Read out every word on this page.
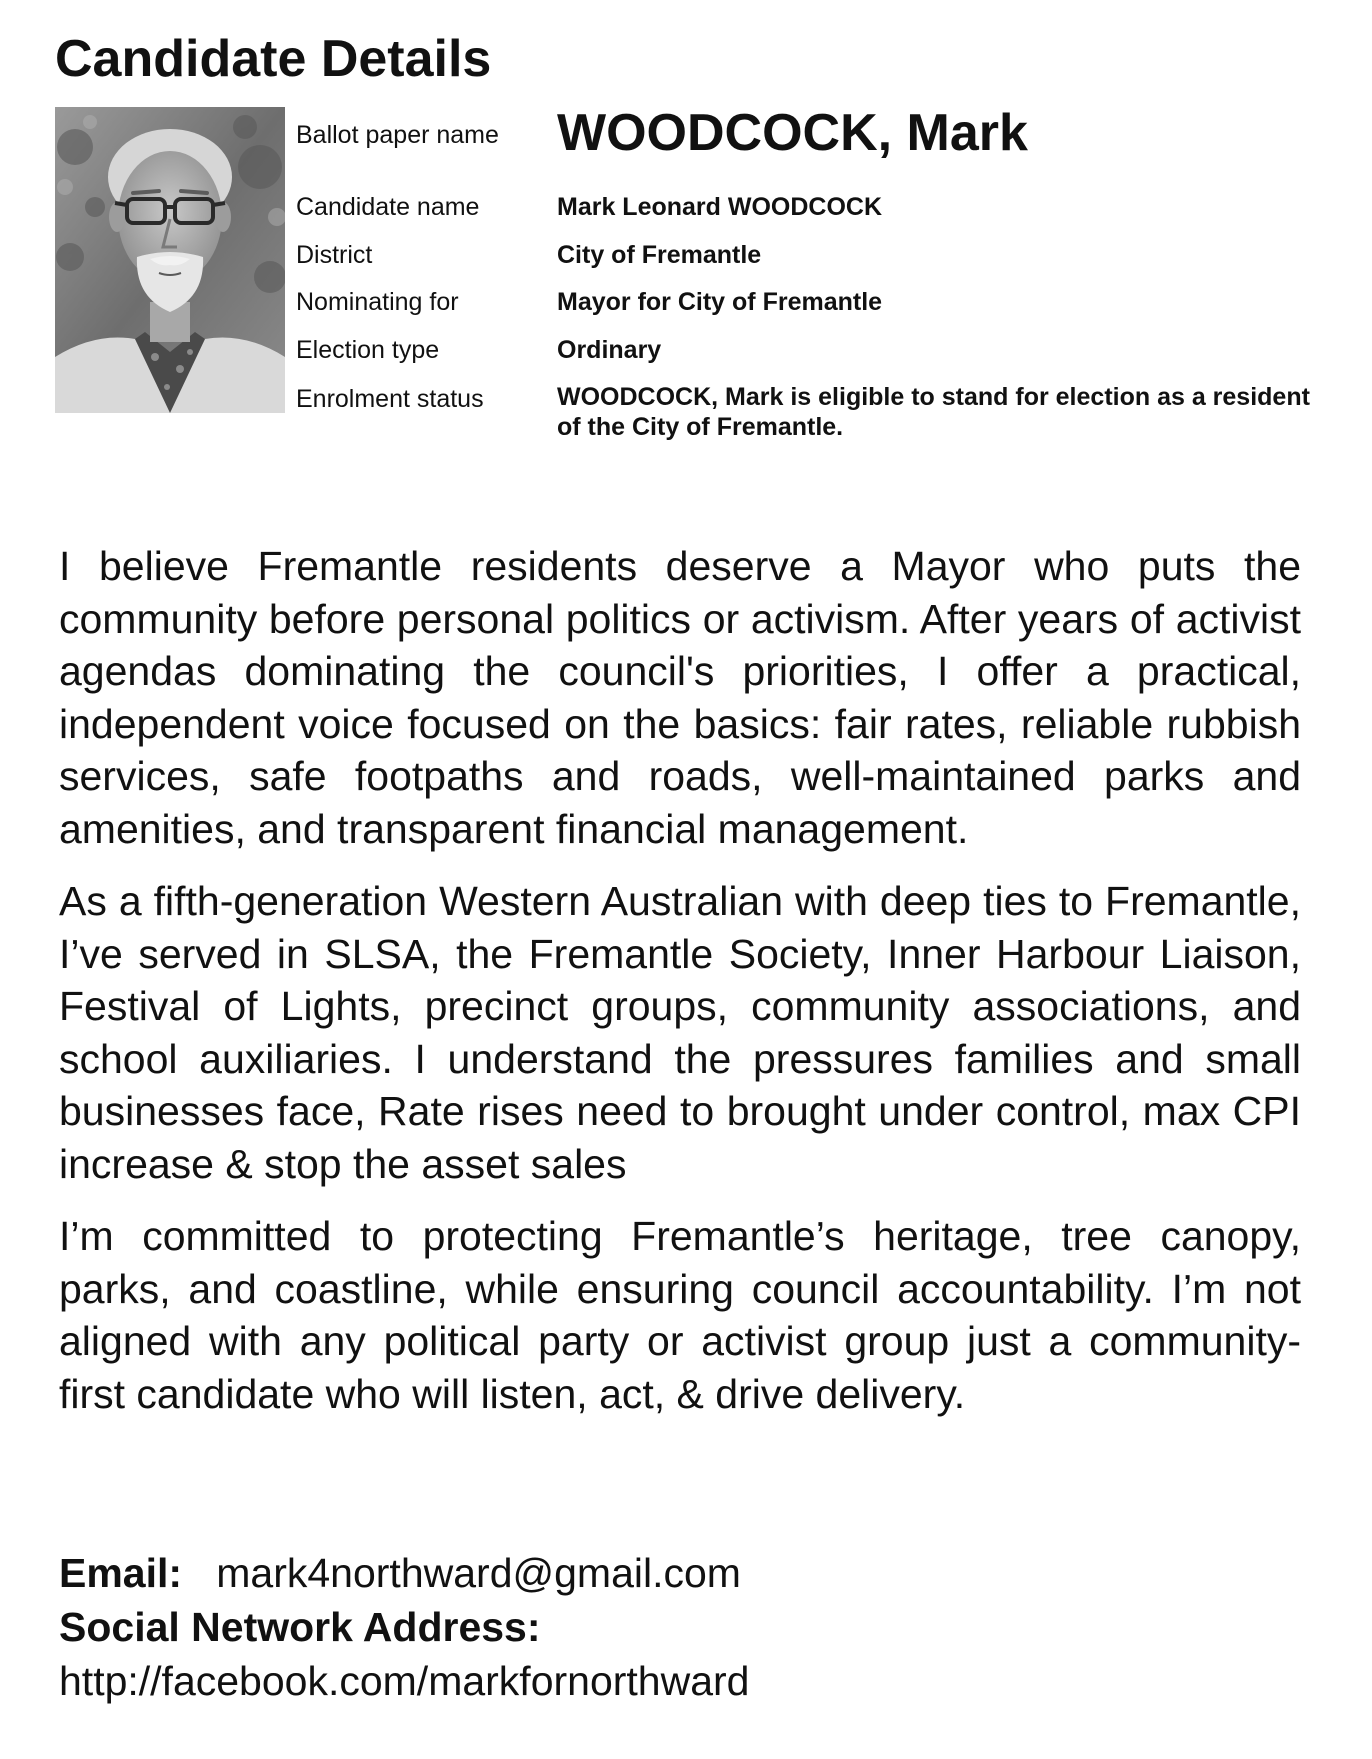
Candidate Details
Ballot paper name WOODCOCK, Mark
Candidate name	Mark Leonard WOODCOCK
District	City of Fremantle
Nominating for	Mayor for City of Fremantle
Election type	Ordinary
Enrolment status	WOODCOCK, Mark is eligible to stand for election as a resident of the City of Fremantle.

I believe Fremantle residents deserve a Mayor who puts the community before personal politics or activism. After years of activist agendas dominating the council's priorities, I offer a practical, independent voice focused on the basics: fair rates, reliable rubbish services, safe footpaths and roads, well-maintained parks and amenities, and transparent financial management.

As a fifth-generation Western Australian with deep ties to Fremantle, I’ve served in SLSA, the Fremantle Society, Inner Harbour Liaison, Festival of Lights, precinct groups, community associations, and school auxiliaries. I understand the pressures families and small businesses face, Rate rises need to brought under control, max CPI increase & stop the asset sales

I’m committed to protecting Fremantle’s heritage, tree canopy, parks, and coastline, while ensuring council accountability. I’m not aligned with any political party or activist group just a community-first candidate who will listen, act, & drive delivery.

Email: mark4northward@gmail.com
Social Network Address:
http://facebook.com/markfornorthward
